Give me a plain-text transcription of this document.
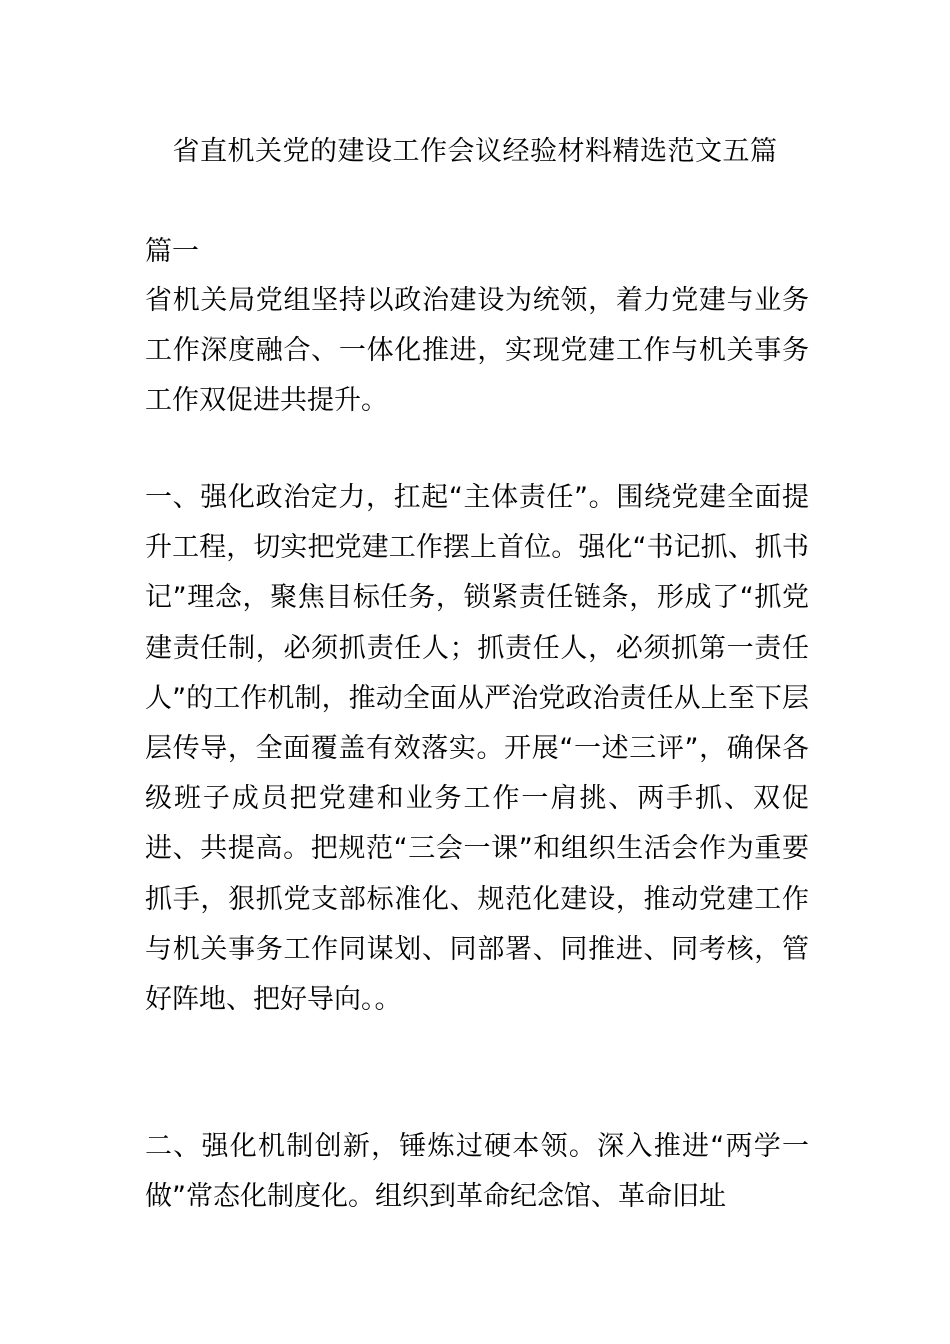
省直机关党的建设工作会议经验材料精选范文五篇
篇一

省机关局党组坚持以政治建设为统领，着力党建与业务工作深度融合、一体化推进，实现党建工作与机关事务工作双促进共提升。

一、强化政治定力，扛起“主体责任”。围绕党建全面提升工程，切实把党建工作摆上首位。强化“书记抓、抓书记”理念，聚焦目标任务，锁紧责任链条，形成了“抓党建责任制，必须抓责任人；抓责任人，必须抓第一责任人”的工作机制，推动全面从严治党政治责任从上至下层层传导，全面覆盖有效落实。开展“一述三评”，确保各级班子成员把党建和业务工作一肩挑、两手抓、双促进、共提高。把规范“三会一课”和组织生活会作为重要抓手，狠抓党支部标准化、规范化建设，推动党建工作与机关事务工作同谋划、同部署、同推进、同考核，管好阵地、把好导向。。

二、强化机制创新，锤炼过硬本领。深入推进“两学一做”常态化制度化。组织到革命纪念馆、革命旧址
